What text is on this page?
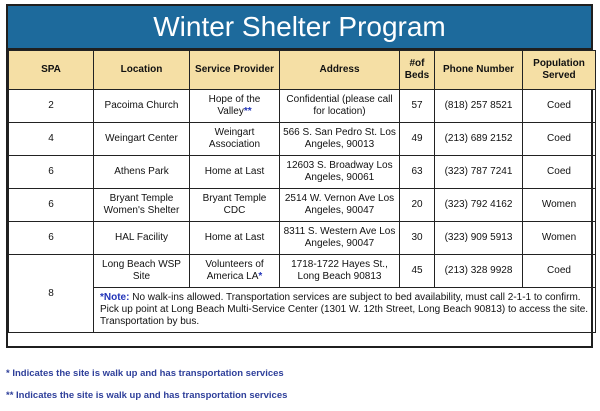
Winter Shelter Program
SPA	Location	Service Provider	Address	#of Beds	Phone Number	Population Served
2	Pacoima Church	Hope of the Valley**	Confidential (please call for location)	57	(818) 257 8521	Coed
4	Weingart Center	Weingart Association	566 S. San Pedro St. Los Angeles, 90013	49	(213) 689 2152	Coed
6	Athens Park	Home at Last	12603 S. Broadway Los Angeles, 90061	63	(323) 787 7241	Coed
6	Bryant Temple Women's Shelter	Bryant Temple CDC	2514 W. Vernon Ave Los Angeles, 90047	20	(323) 792 4162	Women
6	HAL Facility	Home at Last	8311 S. Western Ave Los Angeles, 90047	30	(323) 909 5913	Women
8	Long Beach WSP Site	Volunteers of America LA*	1718-1722 Hayes St., Long Beach 90813	45	(213) 328 9928	Coed
	*Note: No walk-ins allowed. Transportation services are subject to bed availability, must call 2-1-1 to confirm. Pick up point at Long Beach Multi-Service Center (1301 W. 12th Street, Long Beach 90813) to access the site.
Transportation by bus.					
* Indicates the site is walk up and has transportation services
** Indicates the site is walk up and has transportation services
